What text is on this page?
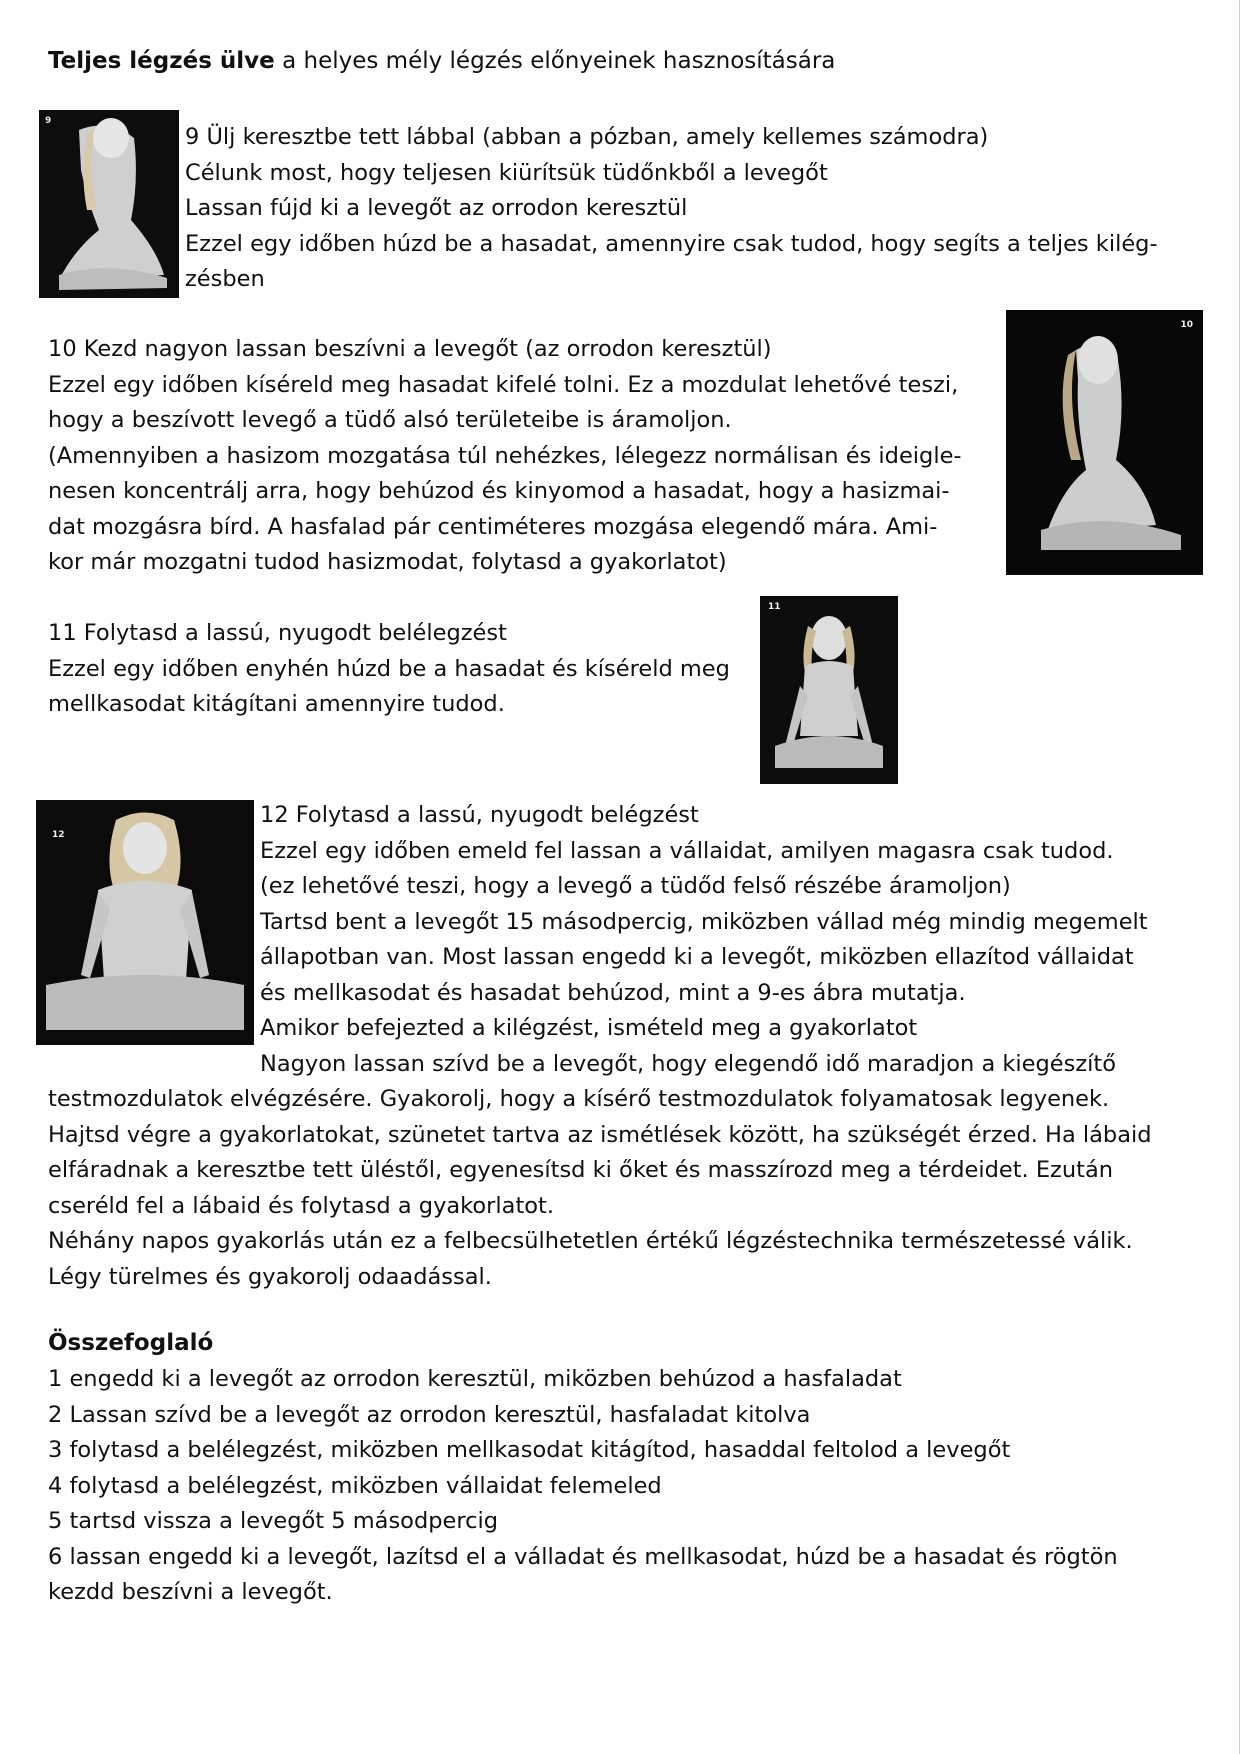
Teljes légzés ülve a helyes mély légzés előnyeinek hasznosítására
9

9 Ülj keresztbe tett lábbal (abban a pózban, amely kellemes számodra)

Célunk most, hogy teljesen kiürítsük tüdőnkből a levegőt

Lassan fújd ki a levegőt az orrodon keresztül

Ezzel egy időben húzd be a hasadat, amennyire csak tudod, hogy segíts a teljes kilég-

zésben

10

10 Kezd nagyon lassan beszívni a levegőt (az orrodon keresztül)

Ezzel egy időben kíséreld meg hasadat kifelé tolni. Ez a mozdulat lehetővé teszi,

hogy a beszívott levegő a tüdő alsó területeibe is áramoljon.

(Amennyiben a hasizom mozgatása túl nehézkes, lélegezz normálisan és ideigle-

nesen koncentrálj arra, hogy behúzod és kinyomod a hasadat, hogy a hasizmai-

dat mozgásra bírd. A hasfalad pár centiméteres mozgása elegendő mára. Ami-

kor már mozgatni tudod hasizmodat, folytasd a gyakorlatot)

11

11 Folytasd a lassú, nyugodt belélegzést

Ezzel egy időben enyhén húzd be a hasadat és kíséreld meg

mellkasodat kitágítani amennyire tudod.

12

12 Folytasd a lassú, nyugodt belégzést

Ezzel egy időben emeld fel lassan a vállaidat, amilyen magasra csak tudod.

(ez lehetővé teszi, hogy a levegő a tüdőd felső részébe áramoljon)

Tartsd bent a levegőt 15 másodpercig, miközben vállad még mindig megemelt

állapotban van. Most lassan engedd ki a levegőt, miközben ellazítod vállaidat

és mellkasodat és hasadat behúzod, mint a 9-es ábra mutatja.

Amikor befejezted a kilégzést, ismételd meg a gyakorlatot

Nagyon lassan szívd be a levegőt, hogy elegendő idő maradjon a kiegészítő

testmozdulatok elvégzésére. Gyakorolj, hogy a kísérő testmozdulatok folyamatosak legyenek.

Hajtsd végre a gyakorlatokat, szünetet tartva az ismétlések között, ha szükségét érzed. Ha lábaid

elfáradnak a keresztbe tett üléstől, egyenesítsd ki őket és masszírozd meg a térdeidet. Ezután

cseréld fel a lábaid és folytasd a gyakorlatot.

Néhány napos gyakorlás után ez a felbecsülhetetlen értékű légzéstechnika természetessé válik.

Légy türelmes és gyakorolj odaadással.

Összefoglaló

1 engedd ki a levegőt az orrodon keresztül, miközben behúzod a hasfaladat

2 Lassan szívd be a levegőt az orrodon keresztül, hasfaladat kitolva

3 folytasd a belélegzést, miközben mellkasodat kitágítod, hasaddal feltolod a levegőt

4 folytasd a belélegzést, miközben vállaidat felemeled

5 tartsd vissza a levegőt 5 másodpercig

6 lassan engedd ki a levegőt, lazítsd el a válladat és mellkasodat, húzd be a hasadat és rögtön

kezdd beszívni a levegőt.
